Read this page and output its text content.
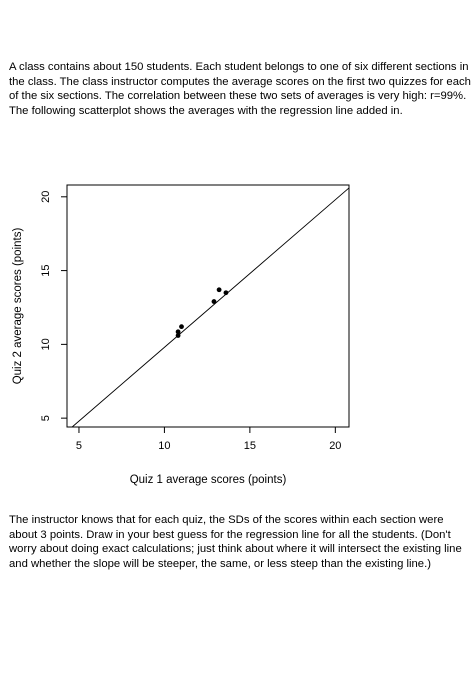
A class contains about 150 students. Each student belongs to one of six different sections in the class. The class instructor computes the average scores on the first two quizzes for each of the six sections. The correlation between these two sets of averages is very high: r=99%. The following scatterplot shows the averages with the regression line added in.
5	10	15	20
5
10
15
20
Quiz 1 average scores (points)
Quiz 2 average scores (points)
The instructor knows that for each quiz, the SDs of the scores within each section were about 3 points. Draw in your best guess for the regression line for all the students. (Don't worry about doing exact calculations; just think about where it will intersect the existing line and whether the slope will be steeper, the same, or less steep than the existing line.)
